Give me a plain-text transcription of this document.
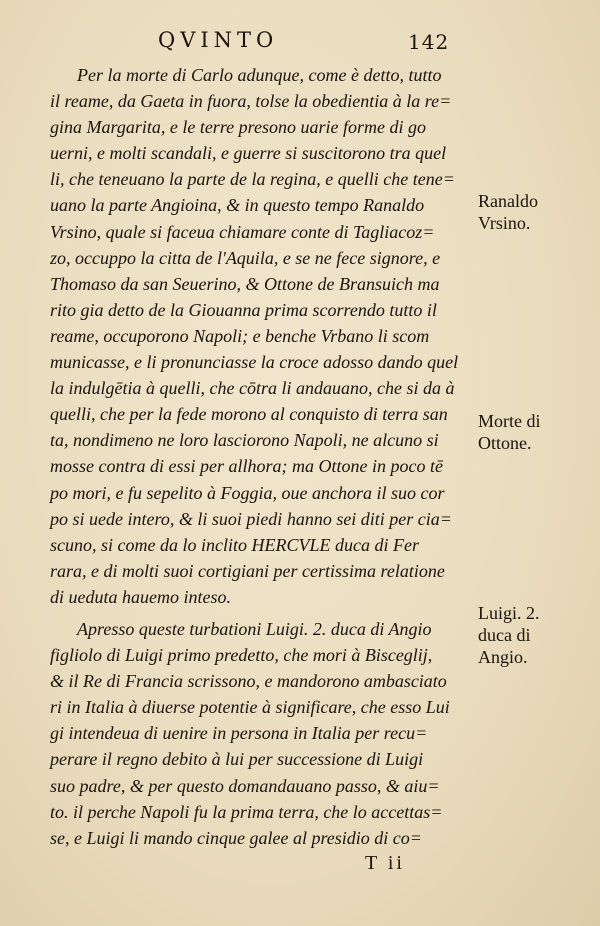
QVINTO	142
Per la morte di Carlo adunque, come è detto, tutto
il reame, da Gaeta in fuora, tolse la obedientia à la re=
gina Margarita, e le terre presono uarie forme di go
uerni, e molti scandali, e guerre si suscitorono tra quel
li, che teneuano la parte de la regina, e quelli che tene=
uano la parte Angioina, & in questo tempo Ranaldo
Vrsino, quale si faceua chiamare conte di Tagliacoz=
zo, occuppo la citta de l'Aquila, e se ne fece signore, e
Thomaso da san Seuerino, & Ottone de Bransuich ma
rito gia detto de la Giouanna prima scorrendo tutto il
reame, occuporono Napoli; e benche Vrbano li scom
municasse, e li pronunciasse la croce adosso dando quel
la indulgētia à quelli, che cōtra li andauano, che si da à
quelli, che per la fede morono al conquisto di terra san
ta, nondimeno ne loro lasciorono Napoli, ne alcuno si
mosse contra di essi per allhora; ma Ottone in poco tē
po mori, e fu sepelito à Foggia, oue anchora il suo cor
po si uede intero, & li suoi piedi hanno sei diti per cia=
scuno, si come da lo inclito HERCVLE duca di Fer
rara, e di molti suoi cortigiani per certissima relatione
di ueduta hauemo inteso.
Apresso queste turbationi Luigi. 2. duca di Angio
figliolo di Luigi primo predetto, che mori à Bisceglij,
& il Re di Francia scrissono, e mandorono ambasciato
ri in Italia à diuerse potentie à significare, che esso Lui
gi intendeua di uenire in persona in Italia per recu=
perare il regno debito à lui per successione di Luigi
suo padre, & per questo domandauano passo, & aiu=
to. il perche Napoli fu la prima terra, che lo accettas=
se, e Luigi li mando cinque galee al presidio di co=
Ranaldo
Vrsino.
Morte di
Ottone.
Luigi. 2.
duca di
Angio.
T ii
